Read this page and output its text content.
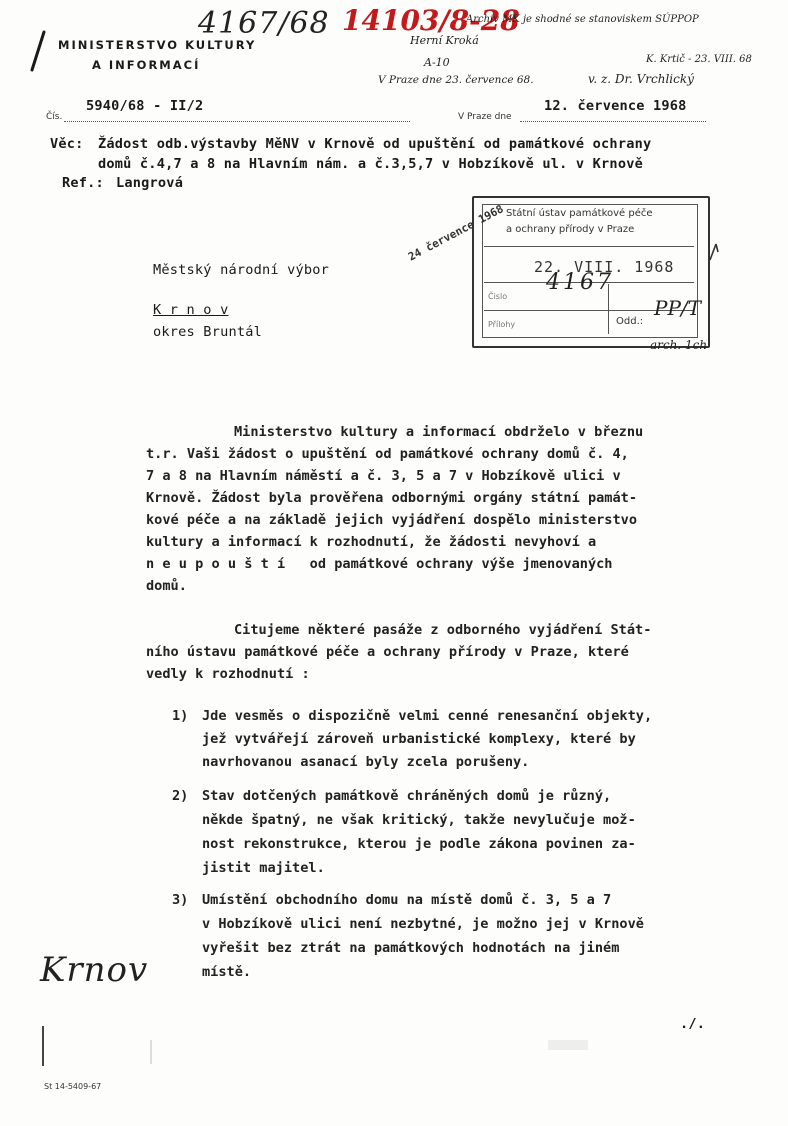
4167/68 14103/8-28
Archiv MK je shodné se stanoviskem SÚPPOP
Herní Kroká
A-10	K. Krtič - 23. VIII. 68
V Praze dne 23. července 68.	v. z. Dr. Vrchlický
MINISTERSTVO KULTURY
A INFORMACÍ
Čís.
5940/68 - II/2
V Praze dne
12. července 1968
Věc: Žádost odb.výstavby MěNV v Krnově od upuštění od památkové ochrany
domů č.4,7 a 8 na Hlavním nám. a č.3,5,7 v Hobzíkově ul. v Krnově
Ref.: Langrová
Státní ústav památkové péče
a ochrany přírody v Praze
22. VIII. 1968
4167
Čislo
Přílohy	Odd.:
PP/T
arch. 1ch
24 července 1968
Městský národní výbor
K r n o v
okres Bruntál
Ministerstvo kultury a informací obdrželo v březnu
t.r. Vaši žádost o upuštění od památkové ochrany domů č. 4,
7 a 8 na Hlavním náměstí a č. 3, 5 a 7 v Hobzíkově ulici v
Krnově. Žádost byla prověřena odbornými orgány státní památ-
kové péče a na základě jejich vyjádření dospělo ministerstvo
kultury a informací k rozhodnutí, že žádosti nevyhoví a
n e u p o u š t í   od památkové ochrany výše jmenovaných
domů.
Citujeme některé pasáže z odborného vyjádření Stát-
ního ústavu památkové péče a ochrany přírody v Praze, které
vedly k rozhodnutí :
1) Jde vesměs o dispozičně velmi cenné renesanční objekty,
jež vytvářejí zároveň urbanistické komplexy, které by
navrhovanou asanací byly zcela porušeny.
2) Stav dotčených památkově chráněných domů je různý,
někde špatný, ne však kritický, takže nevylučuje mož-
nost rekonstrukce, kterou je podle zákona povinen za-
jistit majitel.
3) Umístění obchodního domu na místě domů č. 3, 5 a 7
v Hobzíkově ulici není nezbytné, je možno jej v Krnově
vyřešit bez ztrát na památkových hodnotách na jiném
místě.
Krnov
./.
St 14-5409-67
